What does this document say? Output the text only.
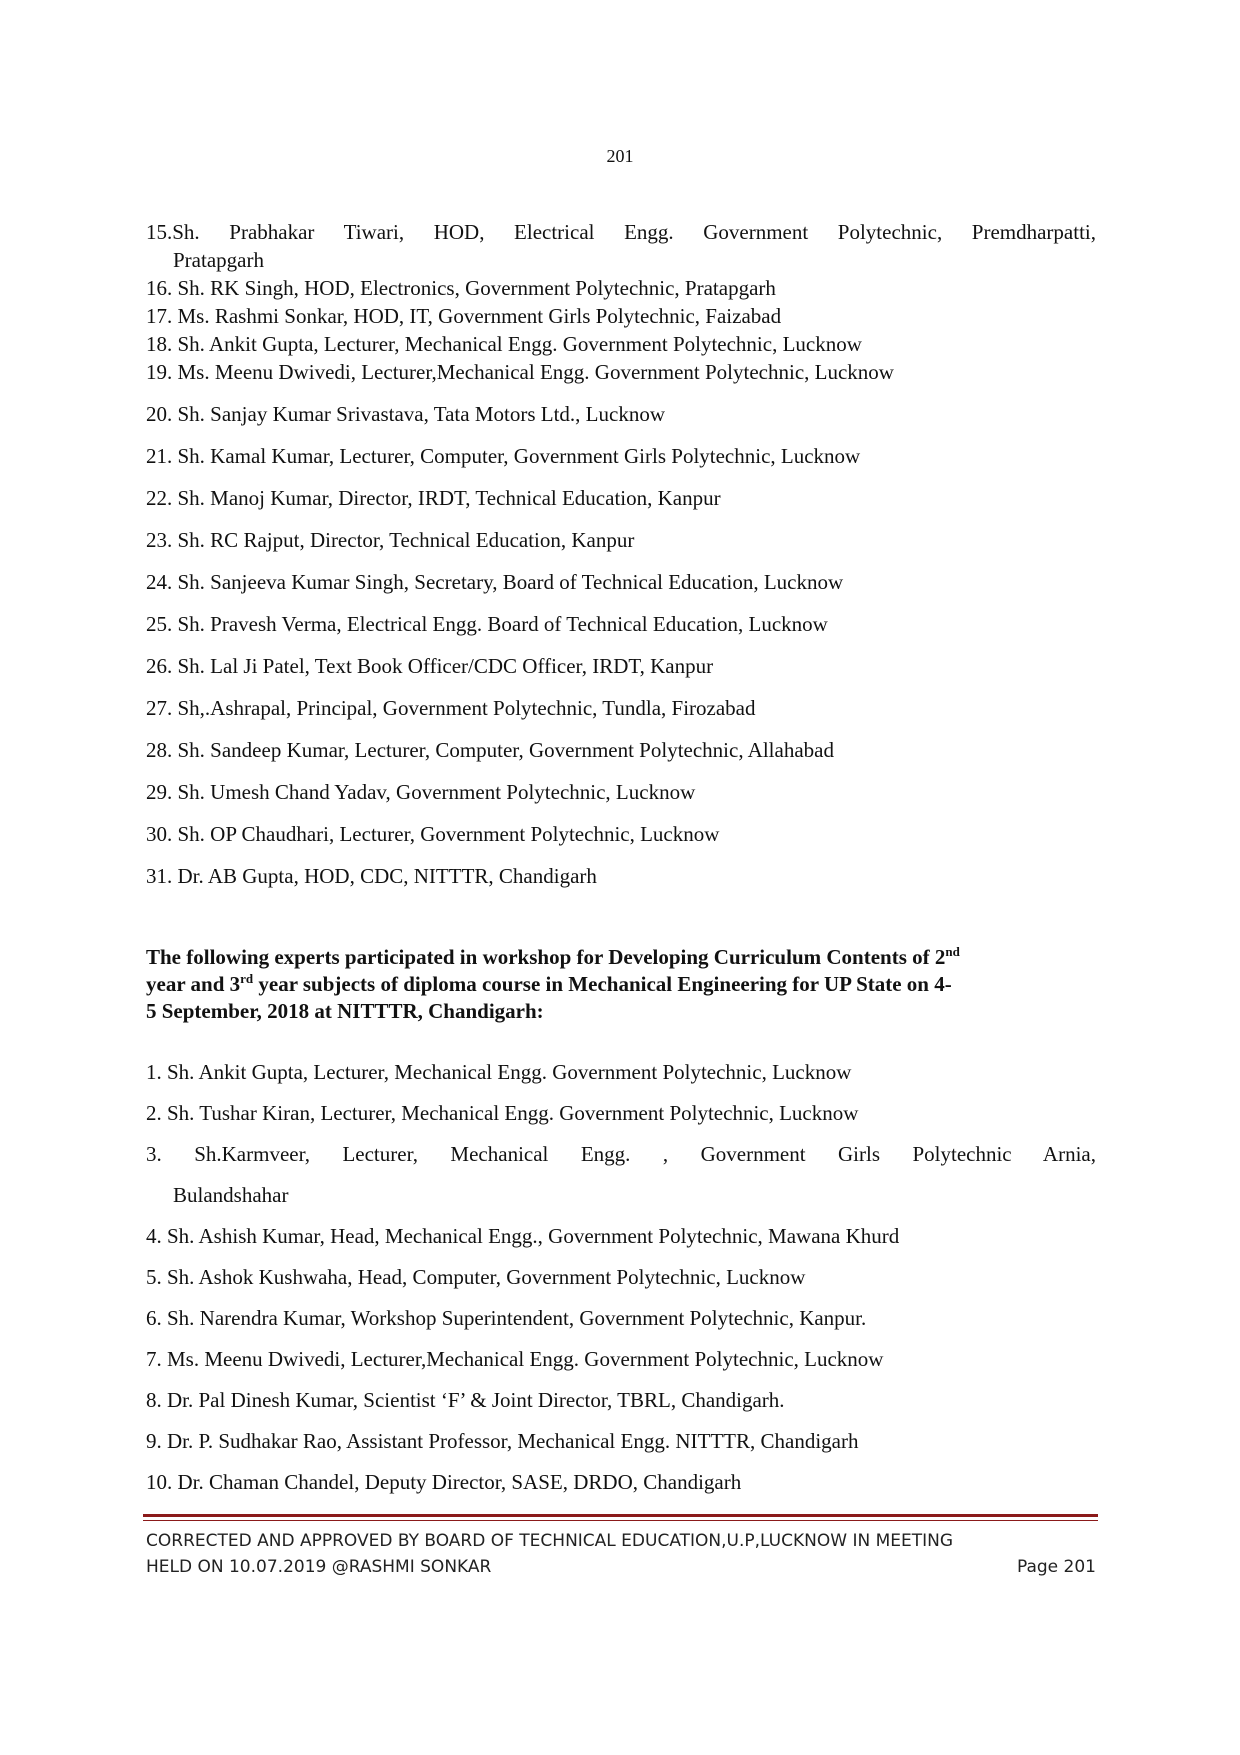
201
15.Sh. Prabhakar Tiwari, HOD, Electrical Engg. Government Polytechnic, Premdharpatti,
Pratapgarh
16. Sh. RK Singh, HOD, Electronics, Government Polytechnic, Pratapgarh
17. Ms. Rashmi Sonkar, HOD, IT, Government Girls Polytechnic, Faizabad
18. Sh. Ankit Gupta, Lecturer, Mechanical Engg. Government Polytechnic, Lucknow
19. Ms. Meenu Dwivedi, Lecturer,Mechanical Engg. Government Polytechnic, Lucknow
20. Sh. Sanjay Kumar Srivastava, Tata Motors Ltd., Lucknow
21. Sh. Kamal Kumar, Lecturer, Computer, Government Girls Polytechnic, Lucknow
22. Sh. Manoj Kumar, Director, IRDT, Technical Education, Kanpur
23. Sh. RC Rajput, Director, Technical Education, Kanpur
24. Sh. Sanjeeva Kumar Singh, Secretary, Board of Technical Education, Lucknow
25. Sh. Pravesh Verma, Electrical Engg. Board of Technical Education, Lucknow
26. Sh. Lal Ji Patel, Text Book Officer/CDC Officer, IRDT, Kanpur
27. Sh,.Ashrapal, Principal, Government Polytechnic, Tundla, Firozabad
28. Sh. Sandeep Kumar, Lecturer, Computer, Government Polytechnic, Allahabad
29. Sh. Umesh Chand Yadav, Government Polytechnic, Lucknow
30. Sh. OP Chaudhari, Lecturer, Government Polytechnic, Lucknow
31. Dr. AB Gupta, HOD, CDC, NITTTR, Chandigarh
The following experts participated in workshop for Developing Curriculum Contents of 2nd
year and 3rd year subjects of diploma course in Mechanical Engineering for UP State on 4-
5 September, 2018 at NITTTR, Chandigarh:
1. Sh. Ankit Gupta, Lecturer, Mechanical Engg. Government Polytechnic, Lucknow
2. Sh. Tushar Kiran, Lecturer, Mechanical Engg. Government Polytechnic, Lucknow
3. Sh.Karmveer, Lecturer, Mechanical Engg. , Government Girls Polytechnic Arnia,
Bulandshahar
4. Sh. Ashish Kumar, Head, Mechanical Engg., Government Polytechnic, Mawana Khurd
5. Sh. Ashok Kushwaha, Head, Computer, Government Polytechnic, Lucknow
6. Sh. Narendra Kumar, Workshop Superintendent, Government Polytechnic, Kanpur.
7. Ms. Meenu Dwivedi, Lecturer,Mechanical Engg. Government Polytechnic, Lucknow
8. Dr. Pal Dinesh Kumar, Scientist ‘F’ & Joint Director, TBRL, Chandigarh.
9. Dr. P. Sudhakar Rao, Assistant Professor, Mechanical Engg. NITTTR, Chandigarh
10. Dr. Chaman Chandel, Deputy Director, SASE, DRDO, Chandigarh
CORRECTED AND APPROVED BY BOARD OF TECHNICAL EDUCATION,U.P,LUCKNOW IN MEETING
HELD ON 10.07.2019 @RASHMI SONKAR	Page 201
